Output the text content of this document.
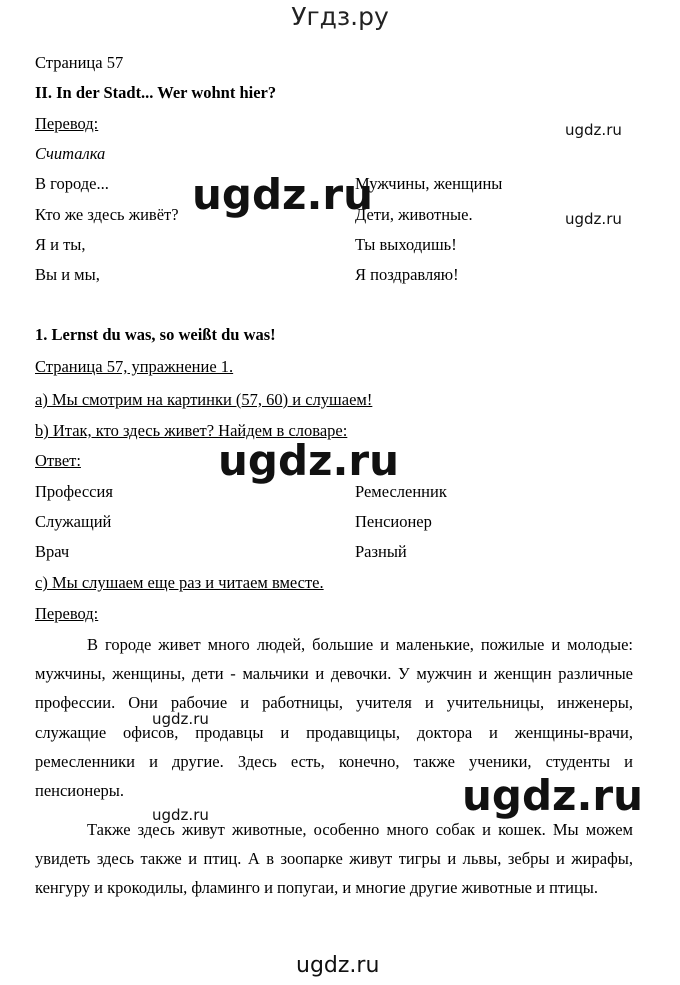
Угдз.ру
Страница 57
II. In der Stadt... Wer wohnt hier?
Перевод:
Считалка
В городе...	Мужчины, женщины
Кто же здесь живёт?	Дети, животные.
Я и ты,	Ты выходишь!
Вы и мы,	Я поздравляю!
1. Lernst du was, so weißt du was!
Страница 57, упражнение 1.
a) Мы смотрим на картинки (57, 60) и слушаем!
b) Итак, кто здесь живет? Найдем в словаре:
Ответ:
Профессия	Ремесленник
Служащий	Пенсионер
Врач	Разный
c) Мы слушаем еще раз и читаем вместе.
Перевод:
В городе живет много людей, большие и маленькие, пожилые и молодые: мужчины, женщины, дети - мальчики и девочки. У мужчин и женщин различные профессии. Они рабочие и работницы, учителя и учительницы, инженеры, служащие офисов, продавцы и продавщицы, доктора и женщины-врачи, ремесленники и другие. Здесь есть, конечно, также ученики, студенты и пенсионеры.
Также здесь живут животные, особенно много собак и кошек. Мы можем увидеть здесь также и птиц. А в зоопарке живут тигры и львы, зебры и жирафы, кенгуру и крокодилы, фламинго и попугаи, и многие другие животные и птицы.
ugdz.ru
ugdz.ru
ugdz.ru
ugdz.ru
ugdz.ru
ugdz.ru
ugdz.ru
ugdz.ru
